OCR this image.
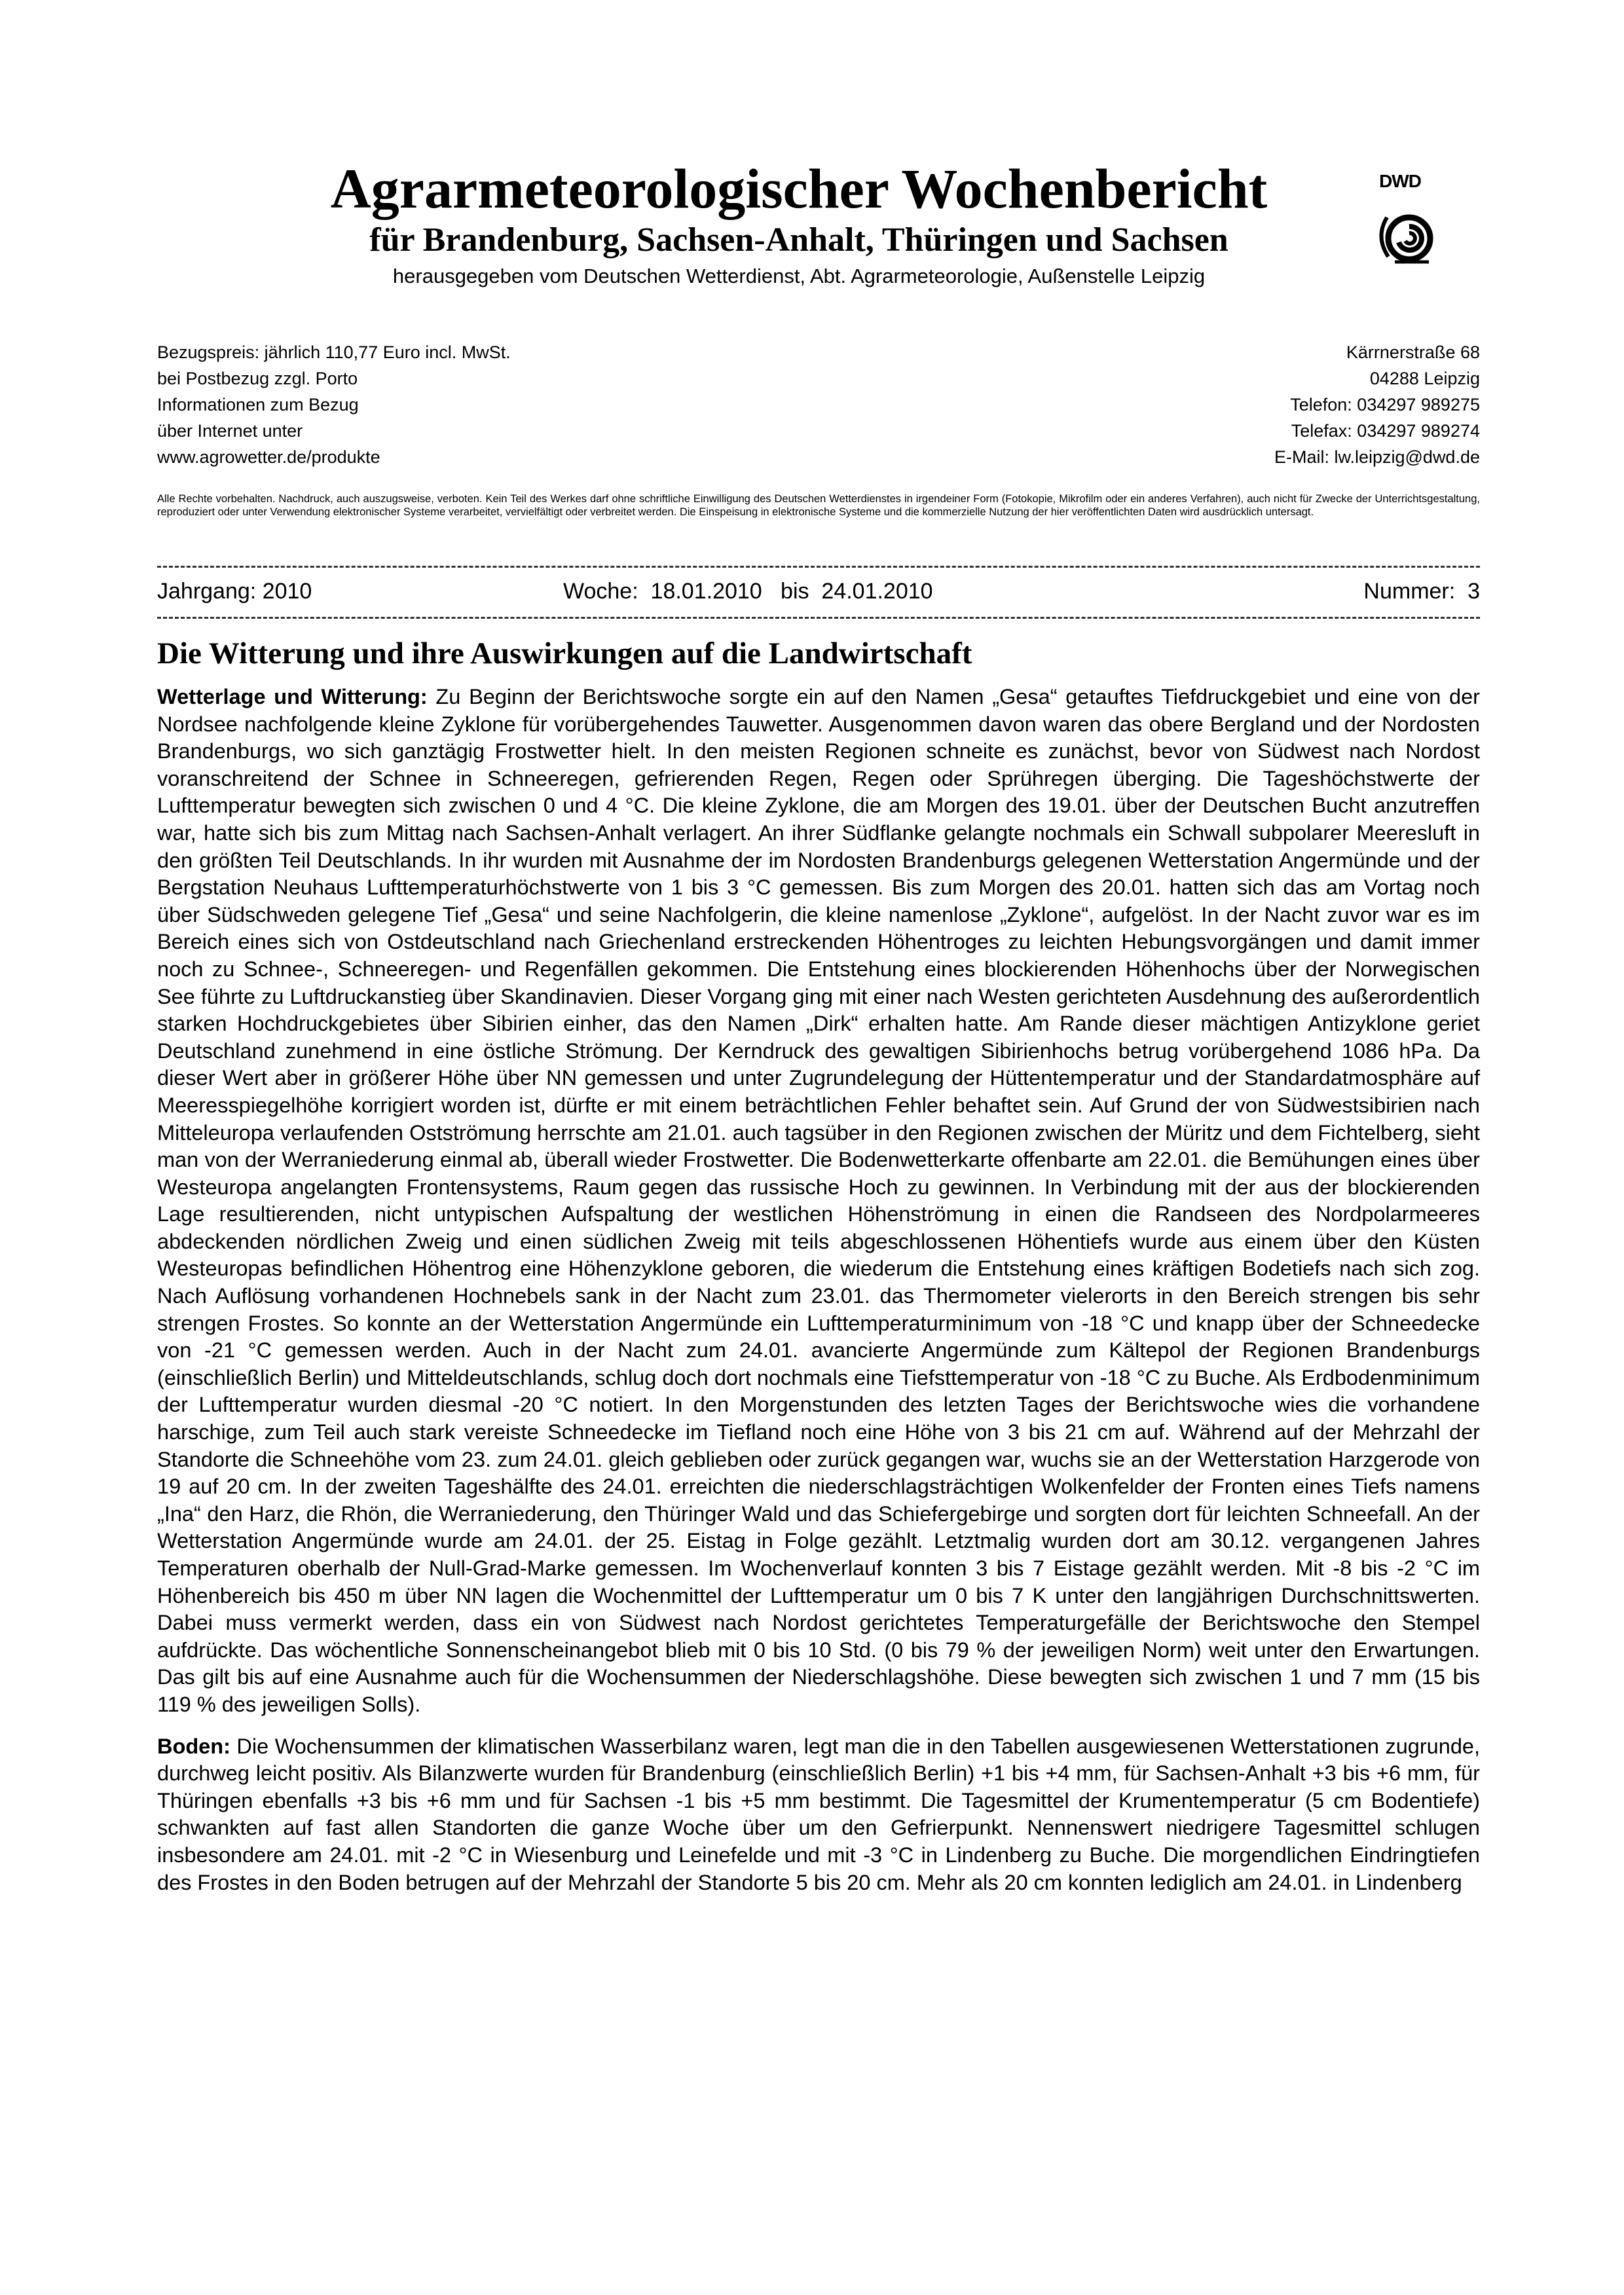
Agrarmeteorologischer Wochenbericht
für Brandenburg, Sachsen-Anhalt, Thüringen und Sachsen
herausgegeben vom Deutschen Wetterdienst, Abt. Agrarmeteorologie, Außenstelle Leipzig
DWD
Bezugspreis: jährlich 110,77 Euro incl. MwSt.
bei Postbezug zzgl. Porto
Informationen zum Bezug
über Internet unter
www.agrowetter.de/produkte
Kärrnerstraße 68
04288 Leipzig
Telefon: 034297 989275
Telefax: 034297 989274
E-Mail: lw.leipzig@dwd.de
Alle Rechte vorbehalten. Nachdruck, auch auszugsweise, verboten. Kein Teil des Werkes darf ohne schriftliche Einwilligung des Deutschen Wetterdienstes in irgendeiner Form (Fotokopie, Mikrofilm oder ein anderes Verfahren), auch nicht für Zwecke der Unterrichtsgestaltung, reproduziert oder unter Verwendung elektronischer Systeme verarbeitet, vervielfältigt oder verbreitet werden. Die Einspeisung in elektronische Systeme und die kommerzielle Nutzung der hier veröffentlichten Daten wird ausdrücklich untersagt.
Jahrgang: 2010	Woche:  18.01.2010   bis  24.01.2010	Nummer:  3
Die Witterung und ihre Auswirkungen auf die Landwirtschaft

Wetterlage und Witterung: Zu Beginn der Berichtswoche sorgte ein auf den Namen „Gesa“ getauftes Tiefdruckgebiet und eine von der Nordsee nachfolgende kleine Zyklone für vorübergehendes Tauwetter. Ausgenommen davon waren das obere Bergland und der Nordosten Brandenburgs, wo sich ganztägig Frostwetter hielt. In den meisten Regionen schneite es zunächst, bevor von Südwest nach Nordost voranschreitend der Schnee in Schneeregen, gefrierenden Regen, Regen oder Sprühregen überging. Die Tageshöchstwerte der Lufttemperatur bewegten sich zwischen 0 und 4 °C. Die kleine Zyklone, die am Morgen des 19.01. über der Deutschen Bucht anzutreffen war, hatte sich bis zum Mittag nach Sachsen-Anhalt verlagert. An ihrer Südflanke gelangte nochmals ein Schwall subpolarer Meeresluft in den größten Teil Deutschlands. In ihr wurden mit Ausnahme der im Nordosten Brandenburgs gelegenen Wetterstation Angermünde und der Bergstation Neuhaus Lufttemperaturhöchstwerte von 1 bis 3 °C gemessen. Bis zum Morgen des 20.01. hatten sich das am Vortag noch über Südschweden gelegene Tief „Gesa“ und seine Nachfolgerin, die kleine namenlose „Zyklone“, aufgelöst. In der Nacht zuvor war es im Bereich eines sich von Ostdeutschland nach Griechenland erstreckenden Höhentroges zu leichten Hebungsvorgängen und damit immer noch zu Schnee-, Schneeregen- und Regenfällen gekommen. Die Entstehung eines blockierenden Höhenhochs über der Norwegischen See führte zu Luftdruckanstieg über Skandinavien. Dieser Vorgang ging mit einer nach Westen gerichteten Ausdehnung des außerordentlich starken Hochdruckgebietes über Sibirien einher, das den Namen „Dirk“ erhalten hatte. Am Rande dieser mächtigen Antizyklone geriet Deutschland zunehmend in eine östliche Strömung. Der Kerndruck des gewaltigen Sibirienhochs betrug vorübergehend 1086 hPa. Da dieser Wert aber in größerer Höhe über NN gemessen und unter Zugrundelegung der Hüttentemperatur und der Standardatmosphäre auf Meeresspiegelhöhe korrigiert worden ist, dürfte er mit einem beträchtlichen Fehler behaftet sein. Auf Grund der von Südwestsibirien nach Mitteleuropa verlaufenden Ostströmung herrschte am 21.01. auch tagsüber in den Regionen zwischen der Müritz und dem Fichtelberg, sieht man von der Werraniederung einmal ab, überall wieder Frostwetter. Die Bodenwetterkarte offenbarte am 22.01. die Bemühungen eines über Westeuropa angelangten Frontensystems, Raum gegen das russische Hoch zu gewinnen. In Verbindung mit der aus der blockierenden Lage resultierenden, nicht untypischen Aufspaltung der westlichen Höhenströmung in einen die Randseen des Nordpolarmeeres abdeckenden nördlichen Zweig und einen südlichen Zweig mit teils abgeschlossenen Höhentiefs wurde aus einem über den Küsten Westeuropas befindlichen Höhentrog eine Höhenzyklone geboren, die wiederum die Entstehung eines kräftigen Bodetiefs nach sich zog. Nach Auflösung vorhandenen Hochnebels sank in der Nacht zum 23.01. das Thermometer vielerorts in den Bereich strengen bis sehr strengen Frostes. So konnte an der Wetterstation Angermünde ein Lufttemperaturminimum von -18 °C und knapp über der Schneedecke von -21 °C gemessen werden. Auch in der Nacht zum 24.01. avancierte Angermünde zum Kältepol der Regionen Brandenburgs (einschließlich Berlin) und Mitteldeutschlands, schlug doch dort nochmals eine Tiefsttemperatur von -18 °C zu Buche. Als Erdbodenminimum der Lufttemperatur wurden diesmal -20 °C notiert. In den Morgenstunden des letzten Tages der Berichtswoche wies die vorhandene harschige, zum Teil auch stark vereiste Schneedecke im Tiefland noch eine Höhe von 3 bis 21 cm auf. Während auf der Mehrzahl der Standorte die Schneehöhe vom 23. zum 24.01. gleich geblieben oder zurück gegangen war, wuchs sie an der Wetterstation Harzgerode von 19 auf 20 cm. In der zweiten Tageshälfte des 24.01. erreichten die niederschlagsträchtigen Wolkenfelder der Fronten eines Tiefs namens „Ina“ den Harz, die Rhön, die Werraniederung, den Thüringer Wald und das Schiefergebirge und sorgten dort für leichten Schneefall. An der Wetterstation Angermünde wurde am 24.01. der 25. Eistag in Folge gezählt. Letztmalig wurden dort am 30.12. vergangenen Jahres Temperaturen oberhalb der Null-Grad-Marke gemessen. Im Wochenverlauf konnten 3 bis 7 Eistage gezählt werden. Mit -8 bis -2 °C im Höhenbereich bis 450 m über NN lagen die Wochenmittel der Lufttemperatur um 0 bis 7 K unter den langjährigen Durchschnittswerten. Dabei muss vermerkt werden, dass ein von Südwest nach Nordost gerichtetes Temperaturgefälle der Berichtswoche den Stempel aufdrückte. Das wöchentliche Sonnenscheinangebot blieb mit 0 bis 10 Std. (0 bis 79 % der jeweiligen Norm) weit unter den Erwartungen. Das gilt bis auf eine Ausnahme auch für die Wochensummen der Niederschlagshöhe. Diese bewegten sich zwischen 1 und 7 mm (15 bis 119 % des jeweiligen Solls).

Boden: Die Wochensummen der klimatischen Wasserbilanz waren, legt man die in den Tabellen ausgewiesenen Wetterstationen zugrunde, durchweg leicht positiv. Als Bilanzwerte wurden für Brandenburg (einschließlich Berlin) +1 bis +4 mm, für Sachsen-Anhalt +3 bis +6 mm, für Thüringen ebenfalls +3 bis +6 mm und für Sachsen -1 bis +5 mm bestimmt. Die Tagesmittel der Krumentemperatur (5 cm Bodentiefe) schwankten auf fast allen Standorten die ganze Woche über um den Gefrierpunkt. Nennenswert niedrigere Tagesmittel schlugen insbesondere am 24.01. mit -2 °C in Wiesenburg und Leinefelde und mit -3 °C in Lindenberg zu Buche. Die morgendlichen Eindringtiefen des Frostes in den Boden betrugen auf der Mehrzahl der Standorte 5 bis 20 cm. Mehr als 20 cm konnten lediglich am 24.01. in Lindenberg
